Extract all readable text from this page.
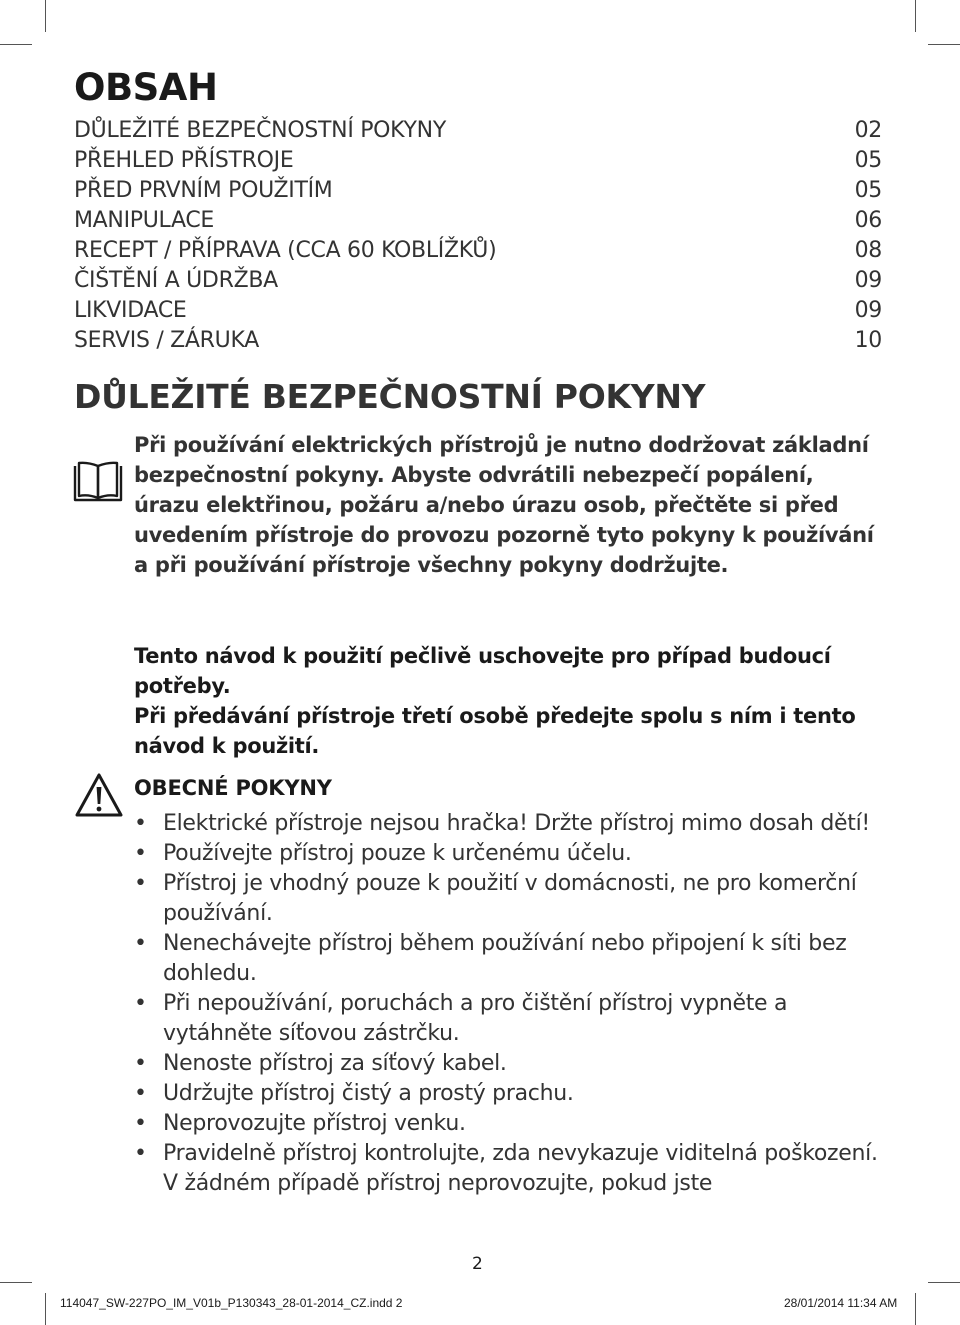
OBSAH
DŮLEŽITÉ BEZPEČNOSTNÍ POKYNY	02
PŘEHLED PŘÍSTROJE	05
PŘED PRVNÍM POUŽITÍM	05
MANIPULACE	06
RECEPT / PŘÍPRAVA (CCA 60 KOBLÍŽKŮ)	08
ČIŠTĚNÍ A ÚDRŽBA	09
LIKVIDACE	09
SERVIS / ZÁRUKA	10
DŮLEŽITÉ BEZPEČNOSTNÍ POKYNY

Při používání elektrických přístrojů je nutno dodržovat základní bezpečnostní pokyny. Abyste odvrátili nebezpečí popálení, úrazu elektřinou, požáru a/nebo úrazu osob, přečtěte si před uvedením přístroje do provozu pozorně tyto pokyny k používání a při používání přístroje všechny pokyny dodržujte.

Tento návod k použití pečlivě uschovejte pro případ budoucí potřeby.
Při předávání přístroje třetí osobě předejte spolu s ním i tento návod k použití.
OBECNÉ POKYNY
• Elektrické přístroje nejsou hračka! Držte přístroj mimo dosah dětí!
• Používejte přístroj pouze k určenému účelu.
• Přístroj je vhodný pouze k použití v domácnosti, ne pro komerční používání.
• Nenechávejte přístroj během používání nebo připojení k síti bez dohledu.
• Při nepoužívání, poruchách a pro čištění přístroj vypněte a vytáhněte síťovou zástrčku.
• Nenoste přístroj za síťový kabel.
• Udržujte přístroj čistý a prostý prachu.
• Neprovozujte přístroj venku.
• Pravidelně přístroj kontrolujte, zda nevykazuje viditelná poškození. V žádném případě přístroj neprovozujte, pokud jste
2
114047_SW-227PO_IM_V01b_P130343_28-01-2014_CZ.indd 2	28/01/2014 11:34 AM
